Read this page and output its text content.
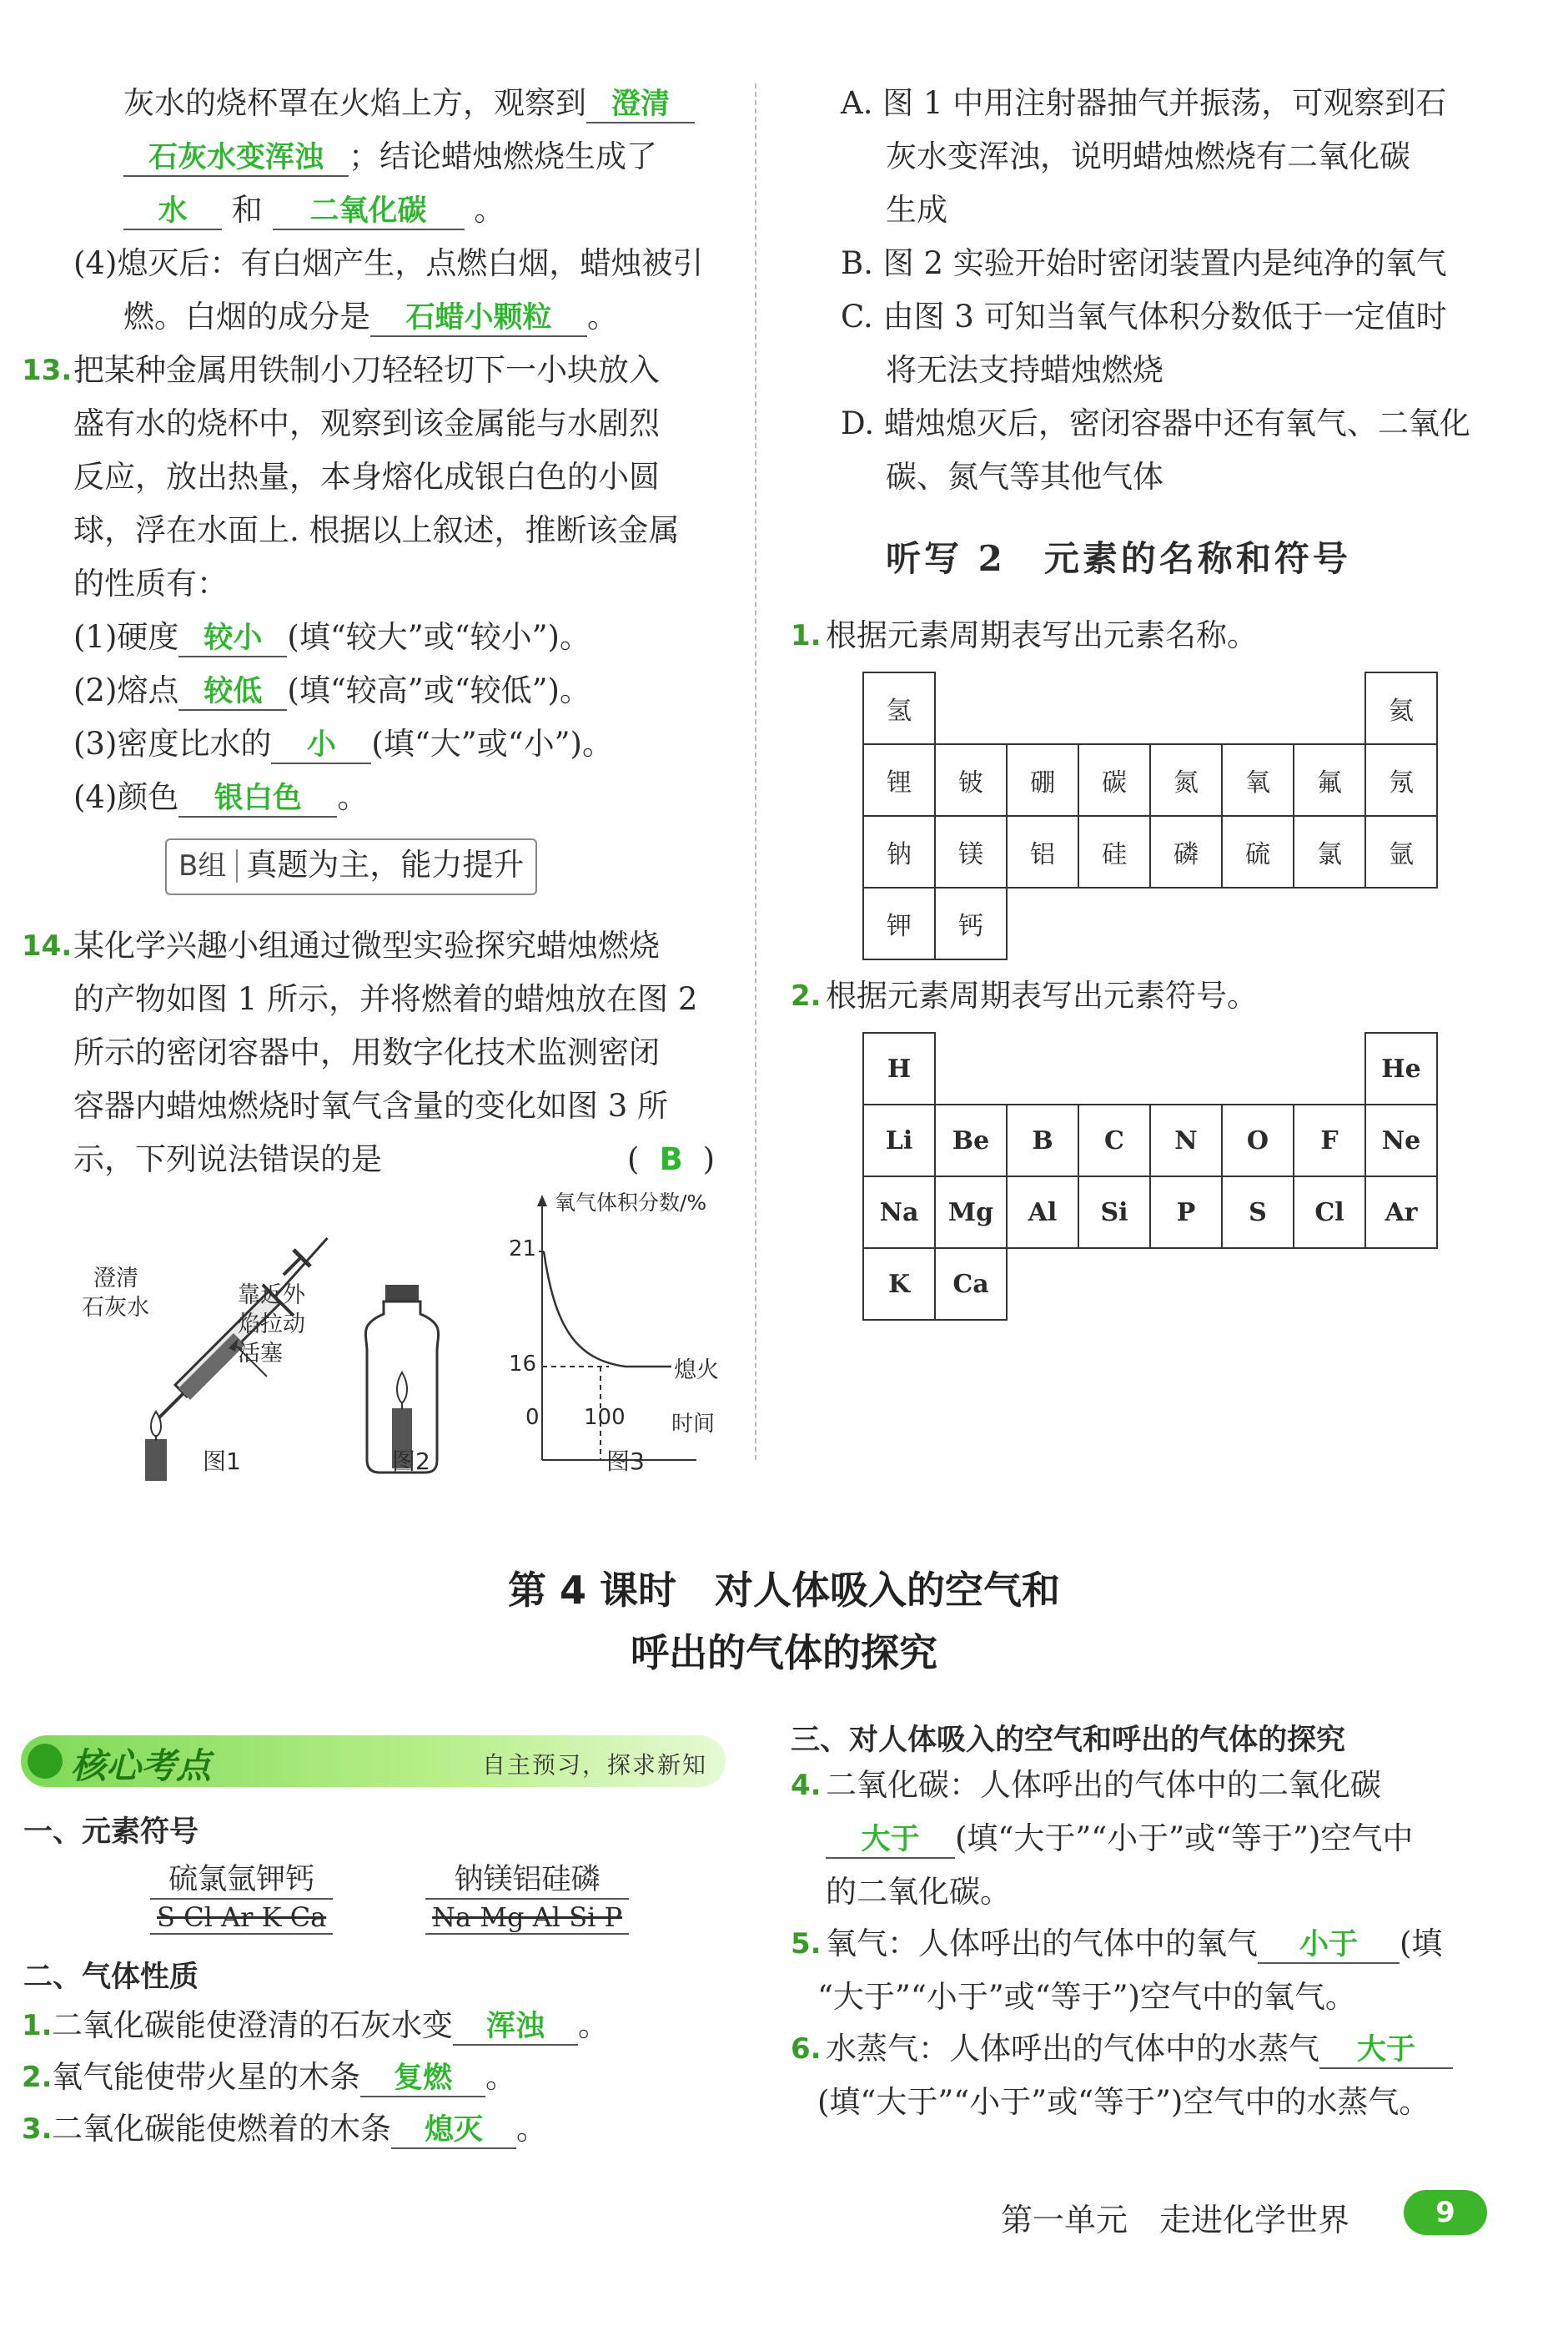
灰水的烧杯罩在火焰上方，观察到 澄清
石灰水变浑浊 ；结论蜡烛燃烧生成了
水 和 二氧化碳 。
(4)熄灭后：有白烟产生，点燃白烟，蜡烛被引
燃。白烟的成分是 石蜡小颗粒 。
13. 把某种金属用铁制小刀轻轻切下一小块放入
盛有水的烧杯中，观察到该金属能与水剧烈
反应，放出热量，本身熔化成银白色的小圆
球，浮在水面上. 根据以上叙述，推断该金属
的性质有：
(1)硬度 较小 (填“较大”或“较小”)。
(2)熔点 较低 (填“较高”或“较低”)。
(3)密度比水的 小 (填“大”或“小”)。
(4)颜色 银白色 。
B组 真题为主，能力提升
14. 某化学兴趣小组通过微型实验探究蜡烛燃烧
的产物如图 1 所示，并将燃着的蜡烛放在图 2
所示的密闭容器中，用数字化技术监测密闭
容器内蜡烛燃烧时氧气含量的变化如图 3 所
示，下列说法错误的是	( B )
澄清
石灰水	靠近外
焰拉动
活塞
氧气体积分数/%
21
16
0 100 时间
熄火
图1	图2	图3
A. 图 1 中用注射器抽气并振荡，可观察到石
灰水变浑浊，说明蜡烛燃烧有二氧化碳
生成
B. 图 2 实验开始时密闭装置内是纯净的氧气
C. 由图 3 可知当氧气体积分数低于一定值时
将无法支持蜡烛燃烧
D. 蜡烛熄灭后，密闭容器中还有氧气、二氧化
碳、氮气等其他气体
听写 2　元素的名称和符号
1. 根据元素周期表写出元素名称。
氢							氦
锂	铍	硼	碳	氮	氧	氟	氖
钠	镁	铝	硅	磷	硫	氯	氩
钾	钙						
2. 根据元素周期表写出元素符号。
H							He
Li	Be	B	C	N	O	F	Ne
Na	Mg	Al	Si	P	S	Cl	Ar
K	Ca						
第 4 课时　对人体吸入的空气和
呼出的气体的探究
核心考点	自主预习，探求新知
一、元素符号
硫氯氩钾钙
S Cl Ar K Ca
钠镁铝硅磷
Na Mg Al Si P
二、气体性质
1. 二氧化碳能使澄清的石灰水变 浑浊 。
2. 氧气能使带火星的木条 复燃 。
3. 二氧化碳能使燃着的木条 熄灭 。
三、对人体吸入的空气和呼出的气体的探究
4. 二氧化碳：人体呼出的气体中的二氧化碳
大于 (填“大于”“小于”或“等于”)空气中
的二氧化碳。
5. 氧气：人体呼出的气体中的氧气 小于 (填
“大于”“小于”或“等于”)空气中的氧气。
6. 水蒸气：人体呼出的气体中的水蒸气 大于
(填“大于”“小于”或“等于”)空气中的水蒸气。
第一单元　走进化学世界	9
